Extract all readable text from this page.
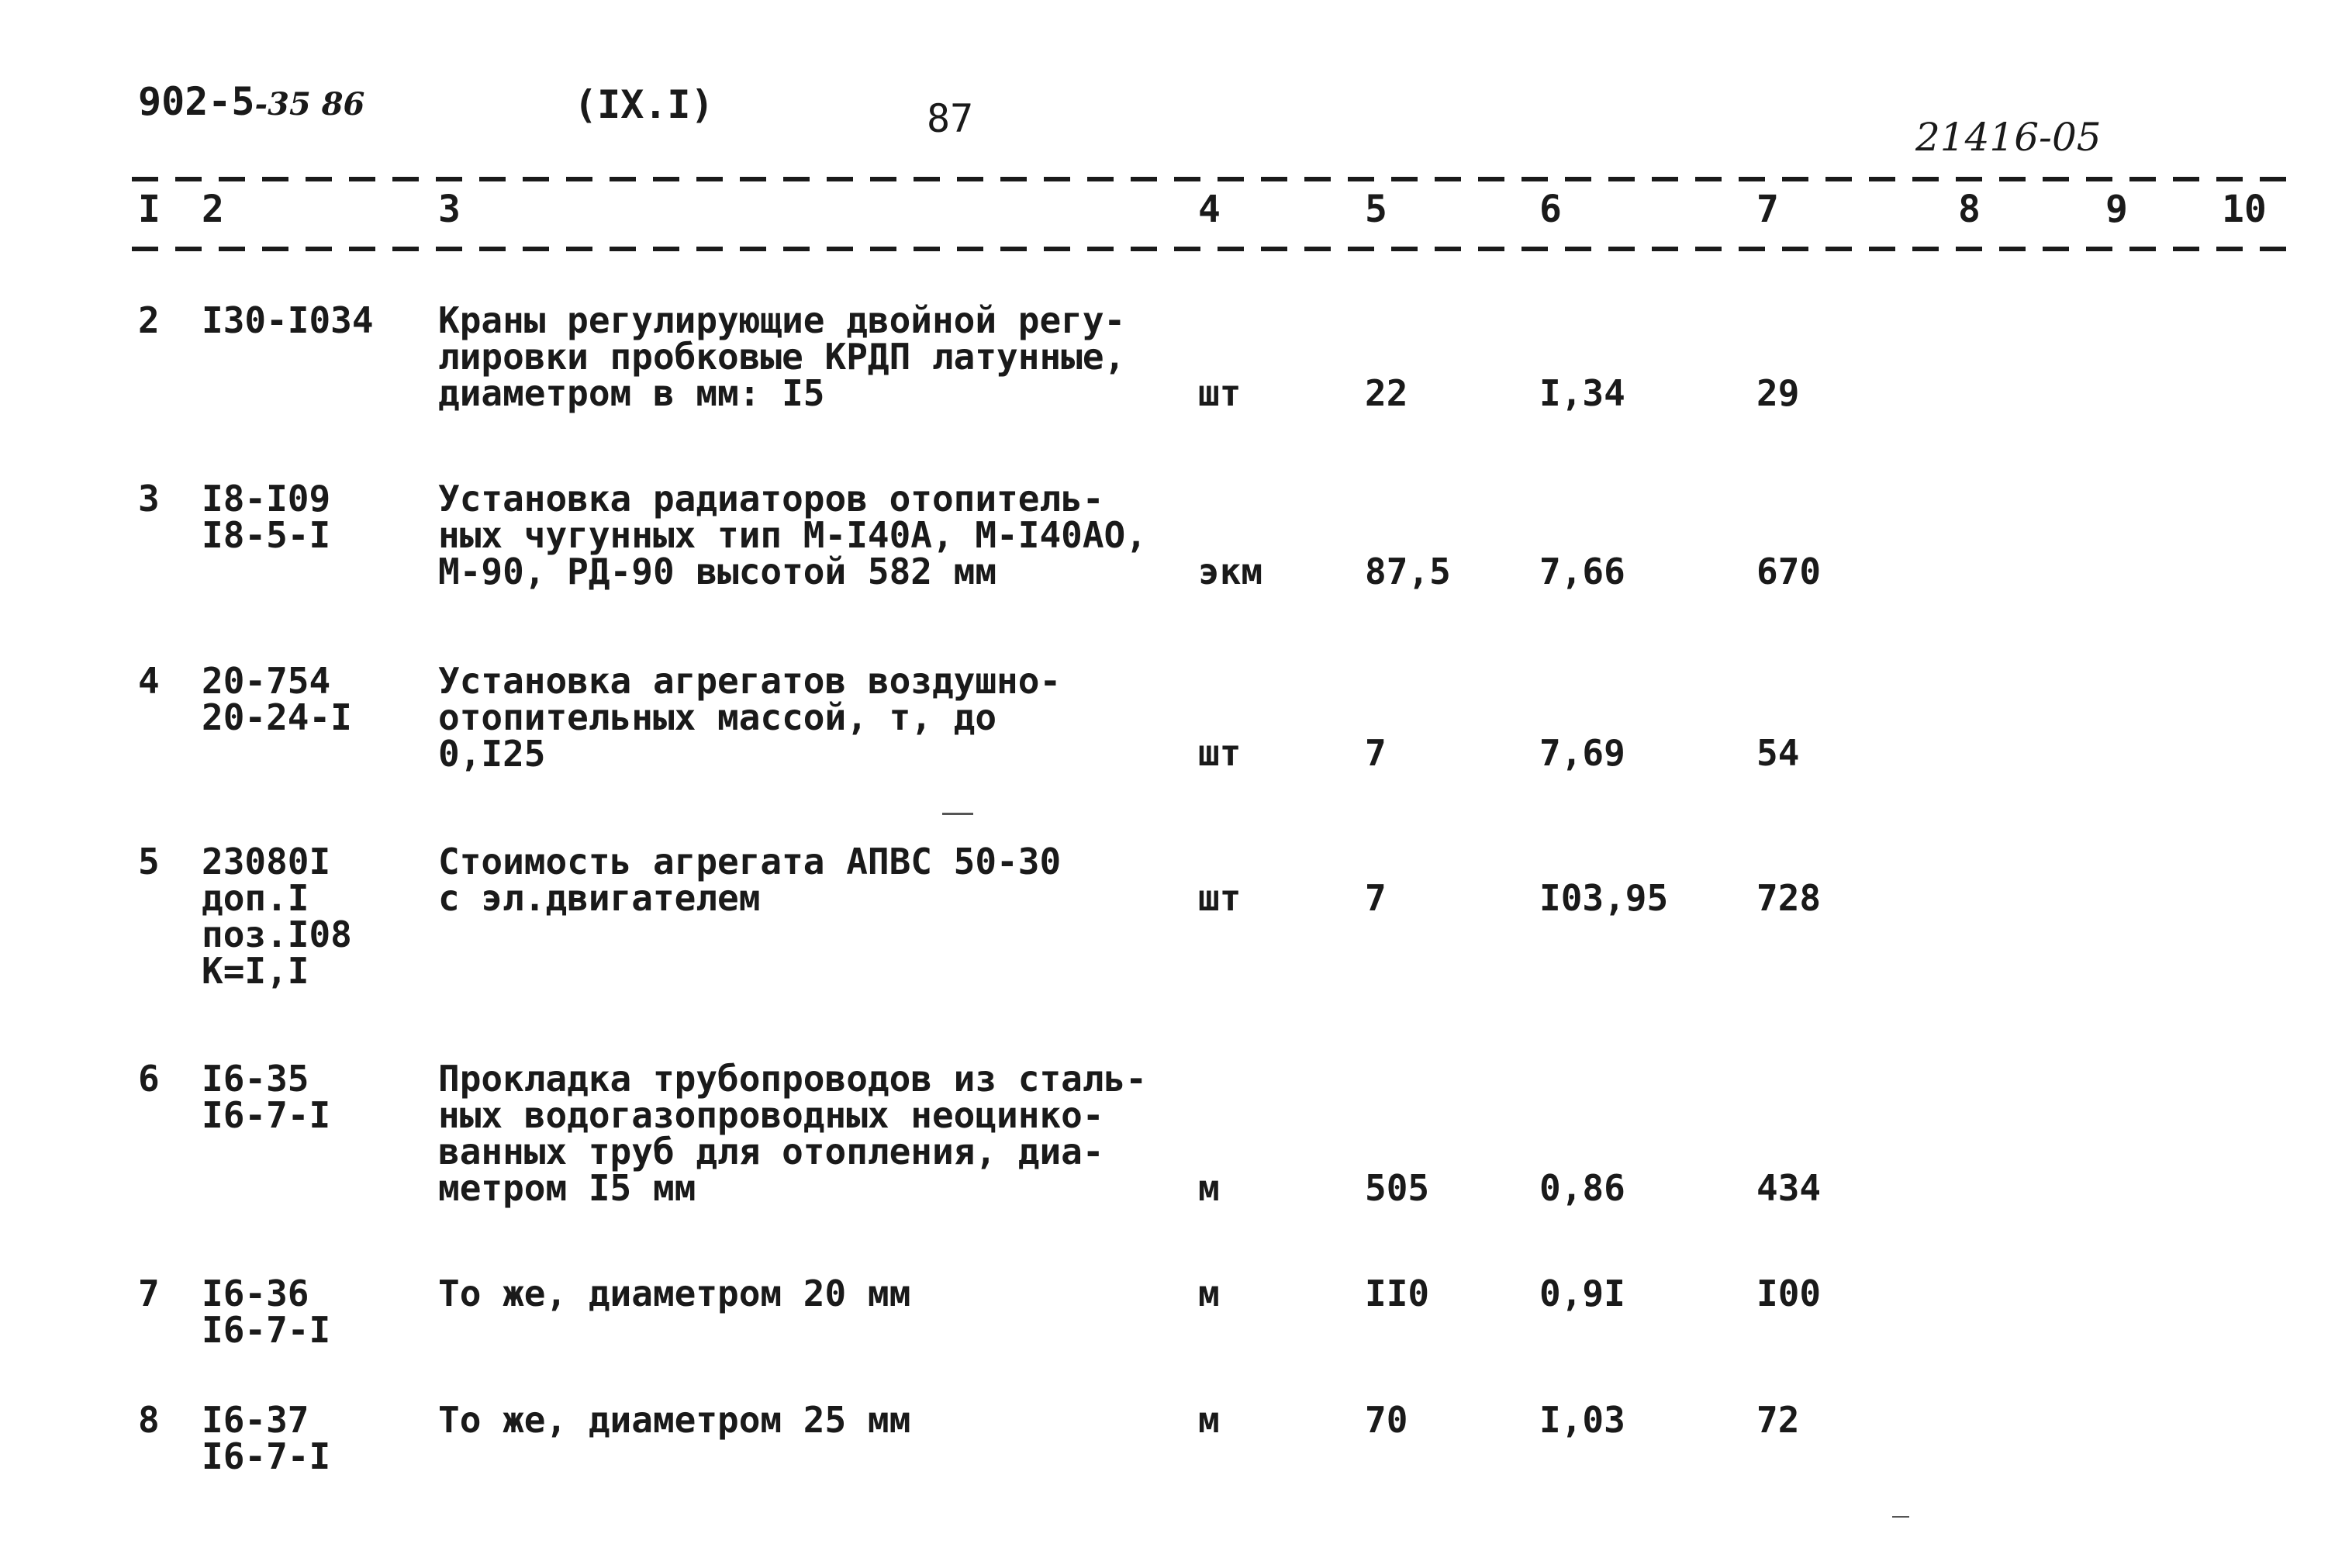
902-5-35 86	(IX.I)	87	21416-05
I 2	3	4	5	6	7	8	9	10
2 I30-I034 Краны регулирующие двойной регу-
лировки пробковые КРДП латунные,
диаметром в мм: I5	шт	22	I,34	29
3 I8-I09
I8-5-I
Установка радиаторов отопитель-
ных чугунных тип М-I40А, М-I40АО,
М-90, РД-90 высотой 582 мм	экм	87,5 7,66	670
4 20-754
20-24-I
Установка агрегатов воздушно-
отопительных массой, т, до
0,I25	шт	7	7,69	54
5 23080I
доп.I
поз.I08
К=I,I
Стоимость агрегата АПВС 50-30
с эл.двигателем	шт	7	I03,95 728
6 I6-35
I6-7-I
Прокладка трубопроводов из сталь-
ных водогазопроводных неоцинко-
ванных труб для отопления, диа-
метром I5 мм	м	505	0,86	434
7 I6-36
I6-7-I
То же, диаметром 20 мм	м	II0	0,9I	I00
8 I6-37
I6-7-I
То же, диаметром 25 мм	м	70	I,03	72
